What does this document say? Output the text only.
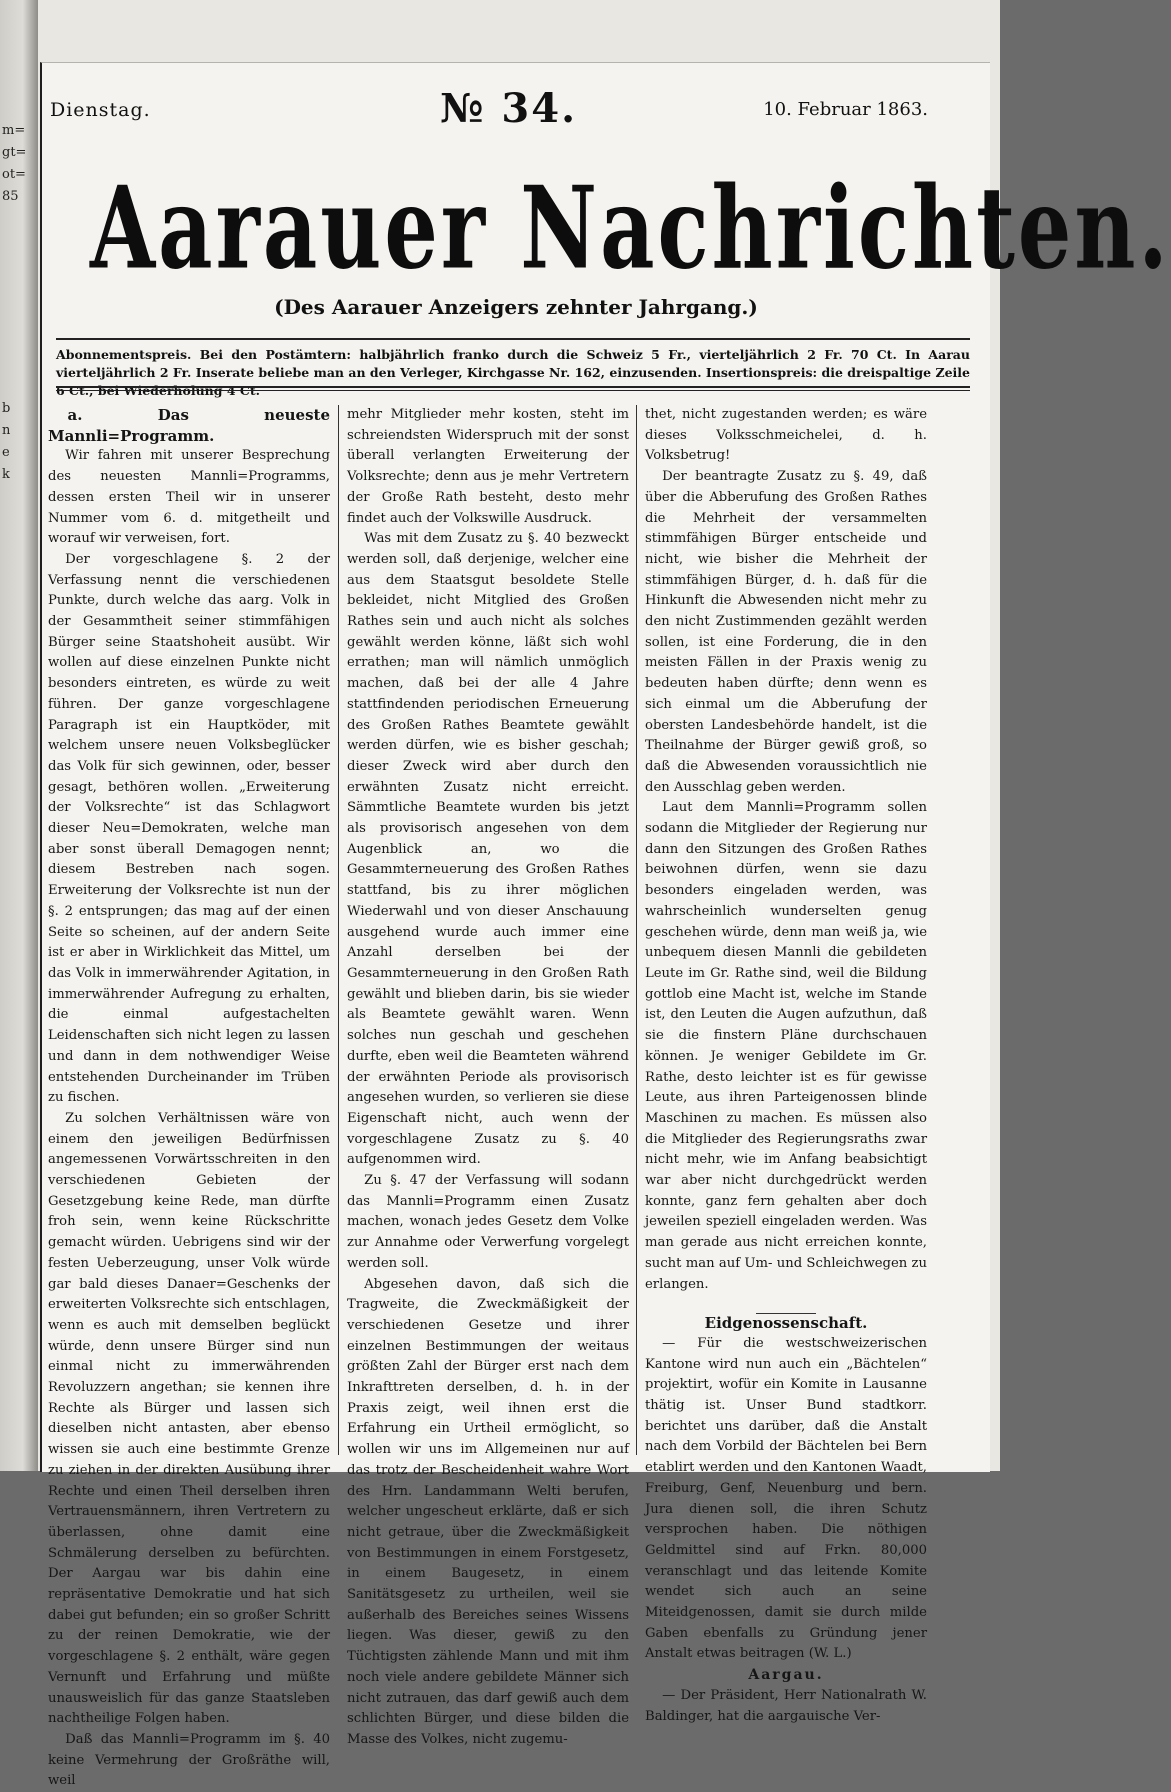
m=
gt=
ot=
85
b
n
e
k
Dienstag.	№ 34.	10. Februar 1863.
Aarauer Nachrichten.
(Des Aarauer Anzeigers zehnter Jahrgang.)
Abonnementspreis. Bei den Postämtern: halbjährlich franko durch die Schweiz 5 Fr., vierteljährlich 2 Fr. 70 Ct. In Aarau vierteljährlich 2 Fr. Inserate beliebe man an den Verleger, Kirchgasse Nr. 162, einzusenden. Insertionspreis: die dreispaltige Zeile 6 Ct., bei Wiederholung 4 Ct.

a. Das neueste Mannli=Programm.

Wir fahren mit unserer Besprechung des neuesten Mannli=Programms, dessen ersten Theil wir in unserer Nummer vom 6. d. mitgetheilt und worauf wir verweisen, fort.

Der vorgeschlagene §. 2 der Verfassung nennt die verschiedenen Punkte, durch welche das aarg. Volk in der Gesammtheit seiner stimmfähigen Bürger seine Staatshoheit ausübt. Wir wollen auf diese einzelnen Punkte nicht besonders eintreten, es würde zu weit führen. Der ganze vorgeschlagene Paragraph ist ein Hauptköder, mit welchem unsere neuen Volksbeglücker das Volk für sich gewinnen, oder, besser gesagt, bethören wollen. „Erweiterung der Volksrechte“ ist das Schlagwort dieser Neu=Demokraten, welche man aber sonst überall Demagogen nennt; diesem Bestreben nach sogen. Erweiterung der Volksrechte ist nun der §. 2 entsprungen; das mag auf der einen Seite so scheinen, auf der andern Seite ist er aber in Wirklichkeit das Mittel, um das Volk in immerwährender Agitation, in immerwährender Aufregung zu erhalten, die einmal aufgestachelten Leidenschaften sich nicht legen zu lassen und dann in dem nothwendiger Weise entstehenden Durcheinander im Trüben zu fischen.

Zu solchen Verhältnissen wäre von einem den jeweiligen Bedürfnissen angemessenen Vorwärtsschreiten in den verschiedenen Gebieten der Gesetzgebung keine Rede, man dürfte froh sein, wenn keine Rückschritte gemacht würden. Uebrigens sind wir der festen Ueberzeugung, unser Volk würde gar bald dieses Danaer=Geschenks der erweiterten Volksrechte sich entschlagen, wenn es auch mit demselben beglückt würde, denn unsere Bürger sind nun einmal nicht zu immerwährenden Revoluzzern angethan; sie kennen ihre Rechte als Bürger und lassen sich dieselben nicht antasten, aber ebenso wissen sie auch eine bestimmte Grenze zu ziehen in der direkten Ausübung ihrer Rechte und einen Theil derselben ihren Vertrauensmännern, ihren Vertretern zu überlassen, ohne damit eine Schmälerung derselben zu befürchten. Der Aargau war bis dahin eine repräsentative Demokratie und hat sich dabei gut befunden; ein so großer Schritt zu der reinen Demokratie, wie der vorgeschlagene §. 2 enthält, wäre gegen Vernunft und Erfahrung und müßte unausweislich für das ganze Staatsleben nachtheilige Folgen haben.

Daß das Mannli=Programm im §. 40 keine Vermehrung der Großräthe will, weil

mehr Mitglieder mehr kosten, steht im schreiendsten Widerspruch mit der sonst überall verlangten Erweiterung der Volksrechte; denn aus je mehr Vertretern der Große Rath besteht, desto mehr findet auch der Volkswille Ausdruck.

Was mit dem Zusatz zu §. 40 bezweckt werden soll, daß derjenige, welcher eine aus dem Staatsgut besoldete Stelle bekleidet, nicht Mitglied des Großen Rathes sein und auch nicht als solches gewählt werden könne, läßt sich wohl errathen; man will nämlich unmöglich machen, daß bei der alle 4 Jahre stattfindenden periodischen Erneuerung des Großen Rathes Beamtete gewählt werden dürfen, wie es bisher geschah; dieser Zweck wird aber durch den erwähnten Zusatz nicht erreicht. Sämmtliche Beamtete wurden bis jetzt als provisorisch angesehen von dem Augenblick an, wo die Gesammterneuerung des Großen Rathes stattfand, bis zu ihrer möglichen Wiederwahl und von dieser Anschauung ausgehend wurde auch immer eine Anzahl derselben bei der Gesammterneuerung in den Großen Rath gewählt und blieben darin, bis sie wieder als Beamtete gewählt waren. Wenn solches nun geschah und geschehen durfte, eben weil die Beamteten während der erwähnten Periode als provisorisch angesehen wurden, so verlieren sie diese Eigenschaft nicht, auch wenn der vorgeschlagene Zusatz zu §. 40 aufgenommen wird.

Zu §. 47 der Verfassung will sodann das Mannli=Programm einen Zusatz machen, wonach jedes Gesetz dem Volke zur Annahme oder Verwerfung vorgelegt werden soll.

Abgesehen davon, daß sich die Tragweite, die Zweckmäßigkeit der verschiedenen Gesetze und ihrer einzelnen Bestimmungen der weitaus größten Zahl der Bürger erst nach dem Inkrafttreten derselben, d. h. in der Praxis zeigt, weil ihnen erst die Erfahrung ein Urtheil ermöglicht, so wollen wir uns im Allgemeinen nur auf das trotz der Bescheidenheit wahre Wort des Hrn. Landammann Welti berufen, welcher ungescheut erklärte, daß er sich nicht getraue, über die Zweckmäßigkeit von Bestimmungen in einem Forstgesetz, in einem Baugesetz, in einem Sanitätsgesetz zu urtheilen, weil sie außerhalb des Bereiches seines Wissens liegen. Was dieser, gewiß zu den Tüchtigsten zählende Mann und mit ihm noch viele andere gebildete Männer sich nicht zutrauen, das darf gewiß auch dem schlichten Bürger, und diese bilden die Masse des Volkes, nicht zugemu-

thet, nicht zugestanden werden; es wäre dieses Volksschmeichelei, d. h. Volksbetrug!

Der beantragte Zusatz zu §. 49, daß über die Abberufung des Großen Rathes die Mehrheit der versammelten stimmfähigen Bürger entscheide und nicht, wie bisher die Mehrheit der stimmfähigen Bürger, d. h. daß für die Hinkunft die Abwesenden nicht mehr zu den nicht Zustimmenden gezählt werden sollen, ist eine Forderung, die in den meisten Fällen in der Praxis wenig zu bedeuten haben dürfte; denn wenn es sich einmal um die Abberufung der obersten Landesbehörde handelt, ist die Theilnahme der Bürger gewiß groß, so daß die Abwesenden voraussichtlich nie den Ausschlag geben werden.

Laut dem Mannli=Programm sollen sodann die Mitglieder der Regierung nur dann den Sitzungen des Großen Rathes beiwohnen dürfen, wenn sie dazu besonders eingeladen werden, was wahrscheinlich wunderselten genug geschehen würde, denn man weiß ja, wie unbequem diesen Mannli die gebildeten Leute im Gr. Rathe sind, weil die Bildung gottlob eine Macht ist, welche im Stande ist, den Leuten die Augen aufzuthun, daß sie die finstern Pläne durchschauen können. Je weniger Gebildete im Gr. Rathe, desto leichter ist es für gewisse Leute, aus ihren Parteigenossen blinde Maschinen zu machen. Es müssen also die Mitglieder des Regierungsraths zwar nicht mehr, wie im Anfang beabsichtigt war aber nicht durchgedrückt werden konnte, ganz fern gehalten aber doch jeweilen speziell eingeladen werden. Was man gerade aus nicht erreichen konnte, sucht man auf Um- und Schleichwegen zu erlangen.

Eidgenossenschaft.

— Für die westschweizerischen Kantone wird nun auch ein „Bächtelen“ projektirt, wofür ein Komite in Lausanne thätig ist. Unser Bund stadtkorr. berichtet uns darüber, daß die Anstalt nach dem Vorbild der Bächtelen bei Bern etablirt werden und den Kantonen Waadt, Freiburg, Genf, Neuenburg und bern. Jura dienen soll, die ihren Schutz versprochen haben. Die nöthigen Geldmittel sind auf Frkn. 80,000 veranschlagt und das leitende Komite wendet sich auch an seine Miteidgenossen, damit sie durch milde Gaben ebenfalls zu Gründung jener Anstalt etwas beitragen (W. L.)

Aargau.

— Der Präsident, Herr Nationalrath W. Baldinger, hat die aargauische Ver-
